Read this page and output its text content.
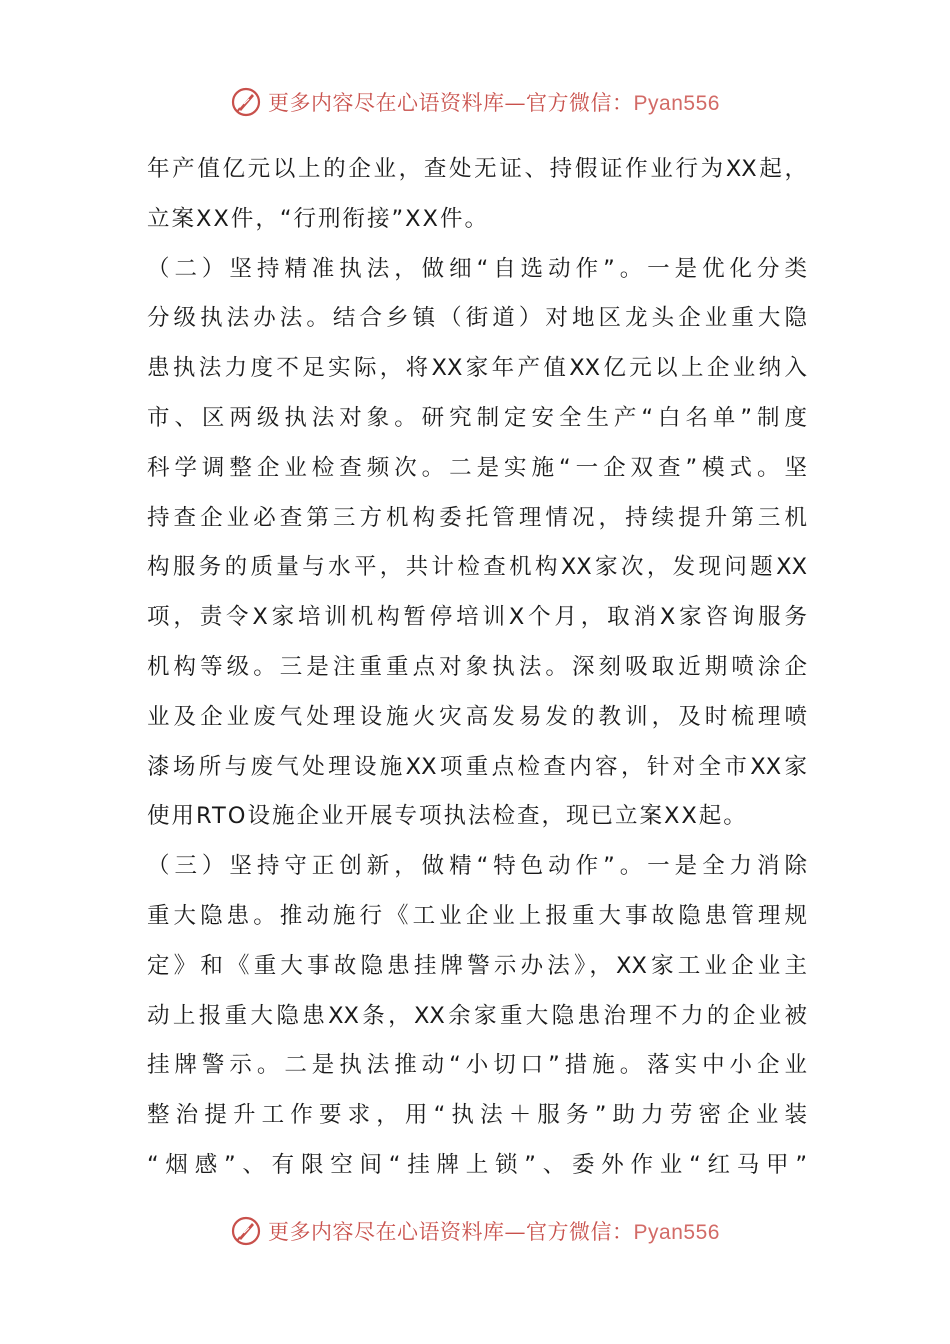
更多内容尽在心语资料库—官方微信：Pyan556
年产值亿元以上的企业，查处无证、持假证作业行为XX起，
立案XX件，“行刑衔接”XX件。
（二）坚持精准执法，做细“自选动作”。一是优化分类
分级执法办法。结合乡镇（街道）对地区龙头企业重大隐
患执法力度不足实际，将XX家年产值XX亿元以上企业纳入
市、区两级执法对象。研究制定安全生产“白名单”制度
科学调整企业检查频次。二是实施“一企双查”模式。坚
持查企业必查第三方机构委托管理情况，持续提升第三机
构服务的质量与水平，共计检查机构XX家次，发现问题XX
项，责令X家培训机构暂停培训X个月，取消X家咨询服务
机构等级。三是注重重点对象执法。深刻吸取近期喷涂企
业及企业废气处理设施火灾高发易发的教训，及时梳理喷
漆场所与废气处理设施XX项重点检查内容，针对全市XX家
使用RTO设施企业开展专项执法检查，现已立案XX起。
（三）坚持守正创新，做精“特色动作”。一是全力消除
重大隐患。推动施行《工业企业上报重大事故隐患管理规
定》和《重大事故隐患挂牌警示办法》，XX家工业企业主
动上报重大隐患XX条，XX余家重大隐患治理不力的企业被
挂牌警示。二是执法推动“小切口”措施。落实中小企业
整治提升工作要求，用“执法＋服务”助力劳密企业装
“烟感”、有限空间“挂牌上锁”、委外作业“红马甲”
更多内容尽在心语资料库—官方微信：Pyan556
